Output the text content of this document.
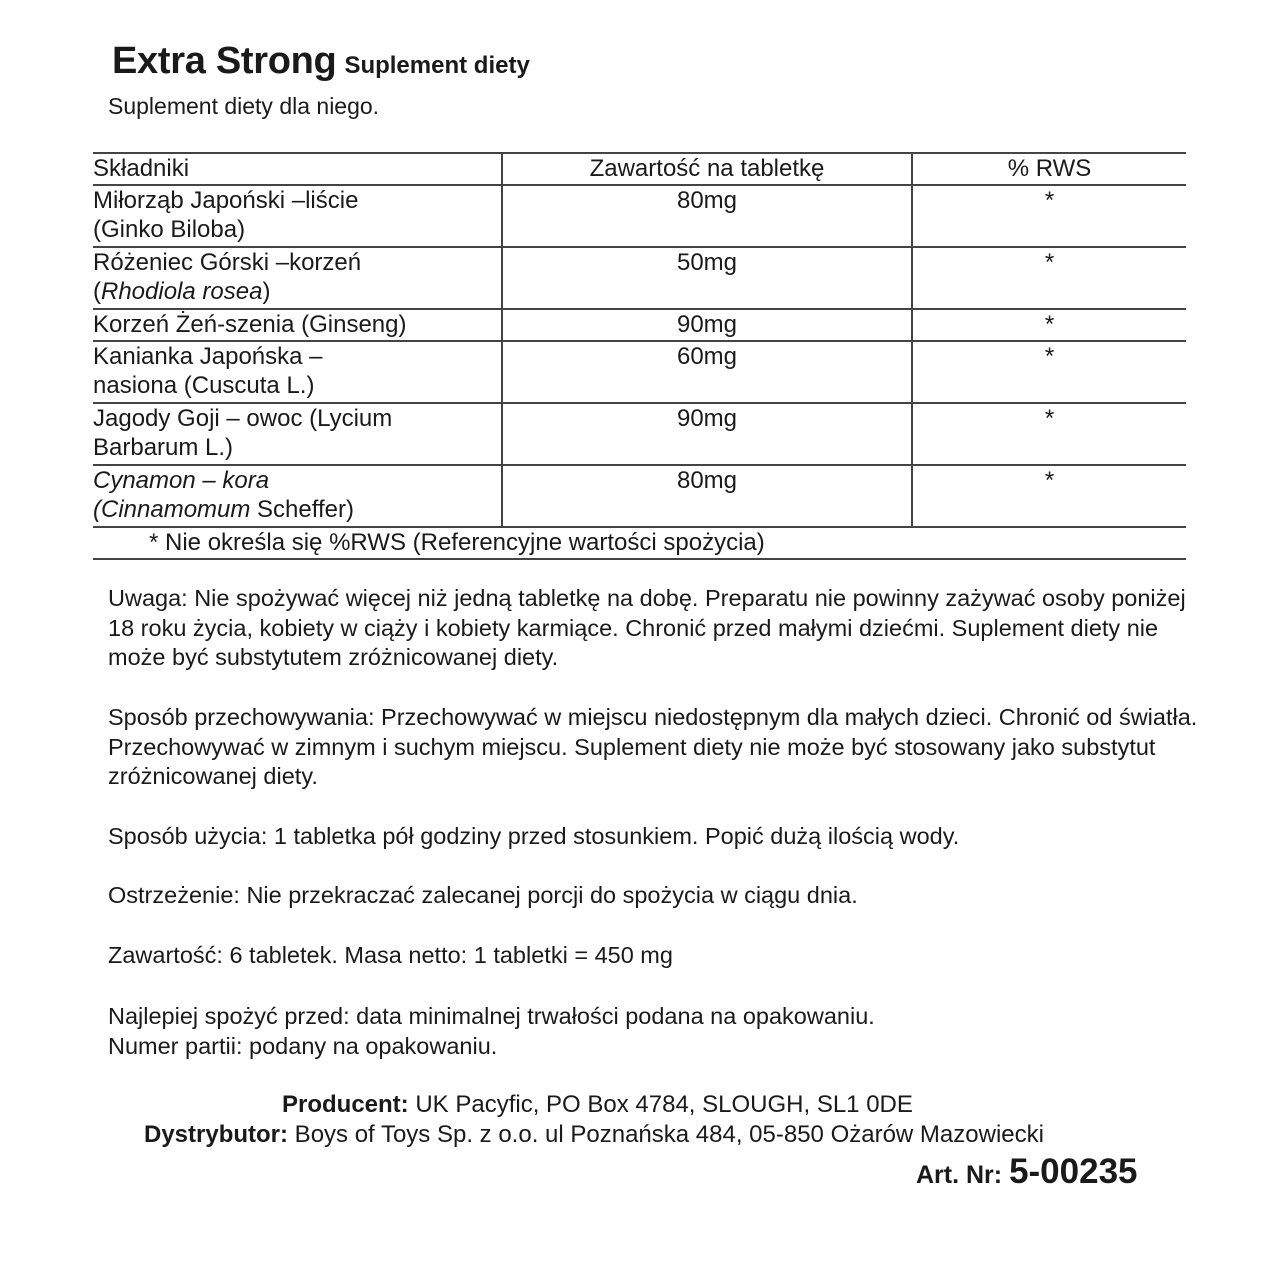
Extra Strong Suplement diety
Suplement diety dla niego.
Składniki	Zawartość na tabletkę	% RWS

Miłorząb Japoński –liście
(Ginko Biloba)	80mg	*

Różeniec Górski –korzeń
(Rhodiola rosea)	50mg	*

Korzeń Żeń-szenia (Ginseng)	90mg	*

Kanianka Japońska –
nasiona (Cuscuta L.)	60mg	*

Jagody Goji – owoc (Lycium
Barbarum L.)	90mg	*

Cynamon – kora
(Cinnamomum Scheffer)	80mg	*
* Nie określa się %RWS (Referencyjne wartości spożycia)		
Uwaga: Nie spożywać więcej niż jedną tabletkę na dobę. Preparatu nie powinny zażywać osoby poniżej 18 roku życia, kobiety w ciąży i kobiety karmiące. Chronić przed małymi dziećmi. Suplement diety nie może być substytutem zróżnicowanej diety.
Sposób przechowywania: Przechowywać w miejscu niedostępnym dla małych dzieci. Chronić od światła. Przechowywać w zimnym i suchym miejscu. Suplement diety nie może być stosowany jako substytut zróżnicowanej diety.
Sposób użycia: 1 tabletka pół godziny przed stosunkiem. Popić dużą ilością wody.
Ostrzeżenie: Nie przekraczać zalecanej porcji do spożycia w ciągu dnia.
Zawartość: 6 tabletek. Masa netto: 1 tabletki = 450 mg
Najlepiej spożyć przed: data minimalnej trwałości podana na opakowaniu.
Numer partii: podany na opakowaniu.
Producent: UK Pacyfic, PO Box 4784, SLOUGH, SL1 0DE
Dystrybutor: Boys of Toys Sp. z o.o. ul Poznańska 484, 05-850 Ożarów Mazowiecki
Art. Nr: 5-00235
